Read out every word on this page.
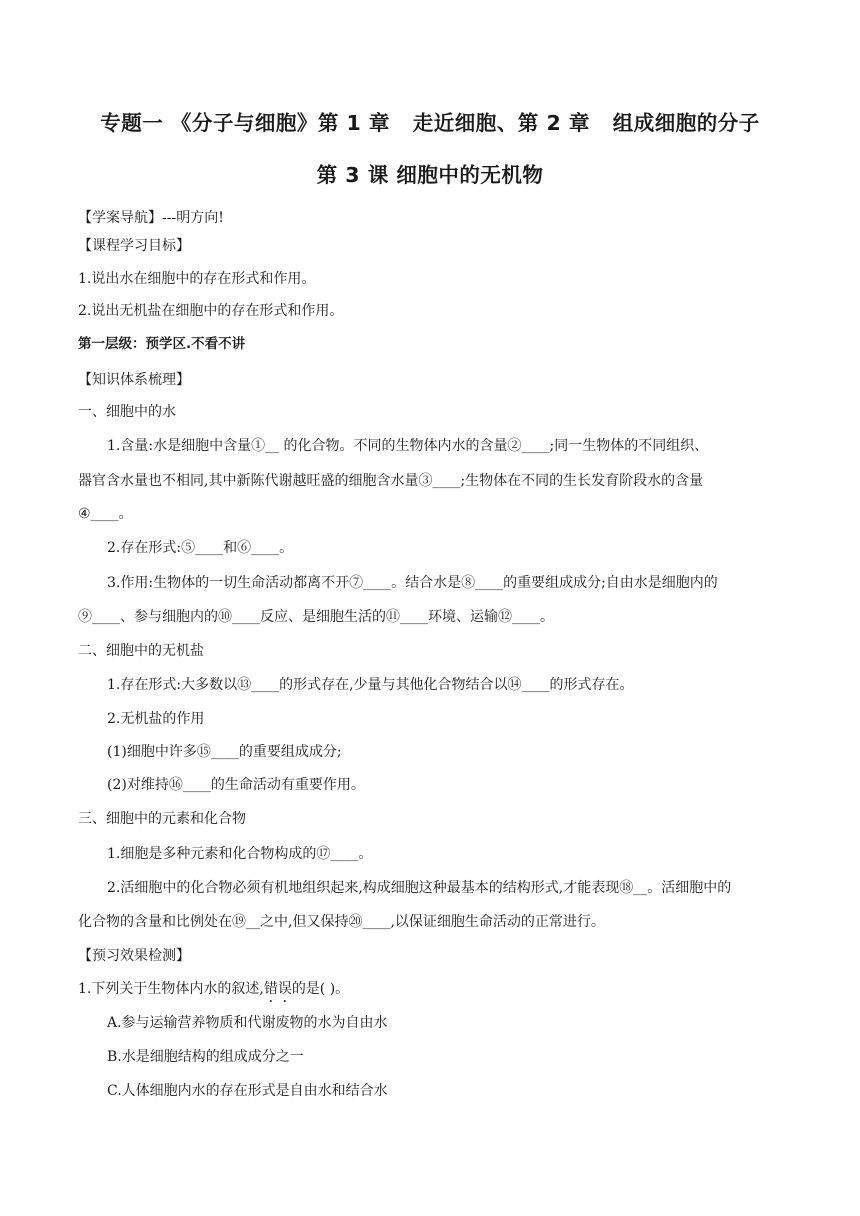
专题一 《分子与细胞》第 1 章   走近细胞、第 2 章   组成细胞的分子
第 3 课 细胞中的无机物
【学案导航】---明方向!
【课程学习目标】
1.说出水在细胞中的存在形式和作用。
2.说出无机盐在细胞中的存在形式和作用。
第一层级：预学区.不看不讲
【知识体系梳理】
一、细胞中的水
1.含量:水是细胞中含量①__ 的化合物。不同的生物体内水的含量②____;同一生物体的不同组织、
器官含水量也不相同,其中新陈代谢越旺盛的细胞含水量③____;生物体在不同的生长发育阶段水的含量
④____。
2.存在形式:⑤____和⑥____。
3.作用:生物体的一切生命活动都离不开⑦____。结合水是⑧____的重要组成成分;自由水是细胞内的
⑨____、参与细胞内的⑩____反应、是细胞生活的⑪____环境、运输⑫____。
二、细胞中的无机盐
1.存在形式:大多数以⑬____的形式存在,少量与其他化合物结合以⑭____的形式存在。
2.无机盐的作用
(1)细胞中许多⑮____的重要组成成分;
(2)对维持⑯____的生命活动有重要作用。
三、细胞中的元素和化合物
1.细胞是多种元素和化合物构成的⑰____。
2.活细胞中的化合物必须有机地组织起来,构成细胞这种最基本的结构形式,才能表现⑱__。活细胞中的
化合物的含量和比例处在⑲__之中,但又保持⑳____,以保证细胞生命活动的正常进行。
【预习效果检测】
1.下列关于生物体内水的叙述,错误的是( )。
A.参与运输营养物质和代谢废物的水为自由水
B.水是细胞结构的组成成分之一
C.人体细胞内水的存在形式是自由水和结合水
